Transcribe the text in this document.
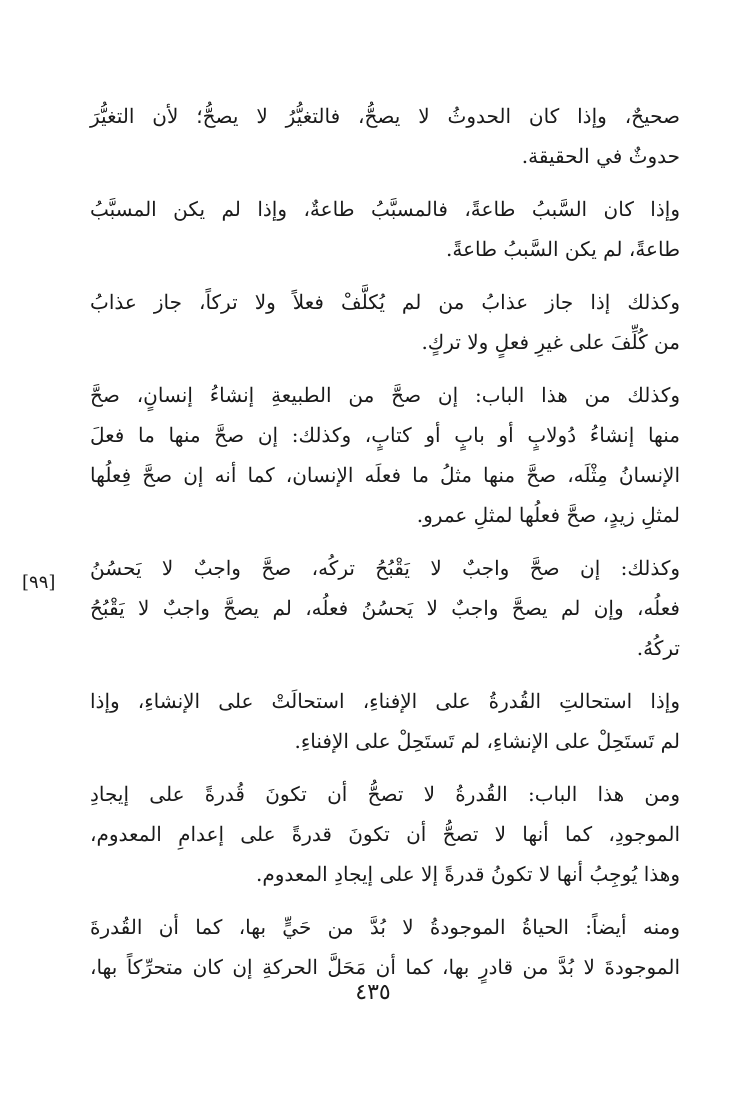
صحيحٌ، وإذا كان الحدوثُ لا يصحُّ، فالتغيُّرُ لا يصحُّ؛ لأن التغيُّرَ
حدوثٌ في الحقيقة.

وإذا كان السَّببُ طاعةً، فالمسبَّبُ طاعةٌ، وإذا لم يكن المسبَّبُ
طاعةً، لم يكن السَّببُ طاعةً.

وكذلك إذا جاز عذابُ من لم يُكلَّفْ فعلاً ولا تركاً، جاز عذابُ
من كُلِّفَ على غيرِ فعلٍ ولا تركٍ.

وكذلك من هذا الباب: إن صحَّ من الطبيعةِ إنشاءُ إنسانٍ، صحَّ
منها إنشاءُ دُولابٍ أو بابٍ أو كتابٍ، وكذلك: إن صحَّ منها ما فعلَ
الإنسانُ مِثْلَه، صحَّ منها مثلُ ما فعلَه الإنسان، كما أنه إن صحَّ فِعلُها
لمثلِ زيدٍ، صحَّ فعلُها لمثلِ عمرو.

وكذلك: إن صحَّ واجبٌ لا يَقْبُحُ تركُه، صحَّ واجبٌ لا يَحسُنُ
فعلُه، وإن لم يصحَّ واجبٌ لا يَحسُنُ فعلُه، لم يصحَّ واجبٌ لا يَقْبُحُ
تركُهُ.

وإذا استحالتِ القُدرةُ على الإفناءِ، استحالَتْ على الإنشاءِ، وإذا
لم تَستَحِلْ على الإنشاءِ، لم تَستَحِلْ على الإفناءِ.

ومن هذا الباب: القُدرةُ لا تصحُّ أن تكونَ قُدرةً على إيجادِ
الموجودِ، كما أنها لا تصحُّ أن تكونَ قدرةً على إعدامِ المعدوم،
وهذا يُوجِبُ أنها لا تكونُ قدرةً إلا على إيجادِ المعدوم.

ومنه أيضاً: الحياةُ الموجودةُ لا بُدَّ من حَيٍّ بها، كما أن القُدرةَ
الموجودةَ لا بُدَّ من قادرٍ بها، كما أن مَحَلَّ الحركةِ إن كان متحرِّكاً بها،

[٩٩]
٤٣٥
